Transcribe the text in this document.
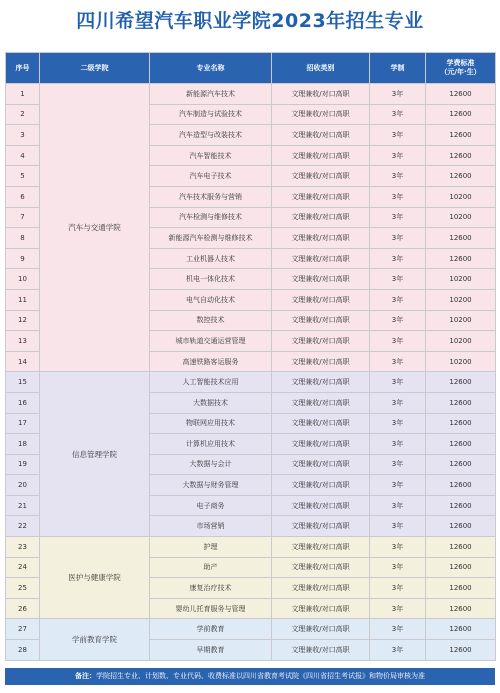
四川希望汽车职业学院2023年招生专业
序号	二级学院	专业名称	招收类别	学制	学费标准
（元/年·生）

1	汽车与交通学院	新能源汽车技术	文理兼收/对口高职	3年	12600
2		汽车制造与试验技术	文理兼收/对口高职	3年	12600
3		汽车造型与改装技术	文理兼收/对口高职	3年	12600
4		汽车智能技术	文理兼收/对口高职	3年	12600
5		汽车电子技术	文理兼收/对口高职	3年	12600
6		汽车技术服务与营销	文理兼收/对口高职	3年	10200
7		汽车检测与维修技术	文理兼收/对口高职	3年	10200
8		新能源汽车检测与维修技术	文理兼收/对口高职	3年	12600
9		工业机器人技术	文理兼收/对口高职	3年	12600
10		机电一体化技术	文理兼收/对口高职	3年	10200
11		电气自动化技术	文理兼收/对口高职	3年	10200
12		数控技术	文理兼收/对口高职	3年	10200
13		城市轨道交通运营管理	文理兼收/对口高职	3年	10200
14		高速铁路客运服务	文理兼收/对口高职	3年	10200
15	信息管理学院	人工智能技术应用	文理兼收/对口高职	3年	12600
16		大数据技术	文理兼收/对口高职	3年	12600
17		物联网应用技术	文理兼收/对口高职	3年	12600
18		计算机应用技术	文理兼收/对口高职	3年	12600
19		大数据与会计	文理兼收/对口高职	3年	12600
20		大数据与财务管理	文理兼收/对口高职	3年	12600
21		电子商务	文理兼收/对口高职	3年	12600
22		市场营销	文理兼收/对口高职	3年	12600
23	医护与健康学院	护理	文理兼收/对口高职	3年	12600
24		助产	文理兼收/对口高职	3年	12600
25		康复治疗技术	文理兼收/对口高职	3年	12600
26		婴幼儿托育服务与管理	文理兼收/对口高职	3年	12600
27	学前教育学院	学前教育	文理兼收/对口高职	3年	12600
28		早期教育	文理兼收/对口高职	3年	12600
备注：学院招生专业、计划数、专业代码、收费标准以四川省教育考试院《四川省招生考试报》和物价局审核为准
